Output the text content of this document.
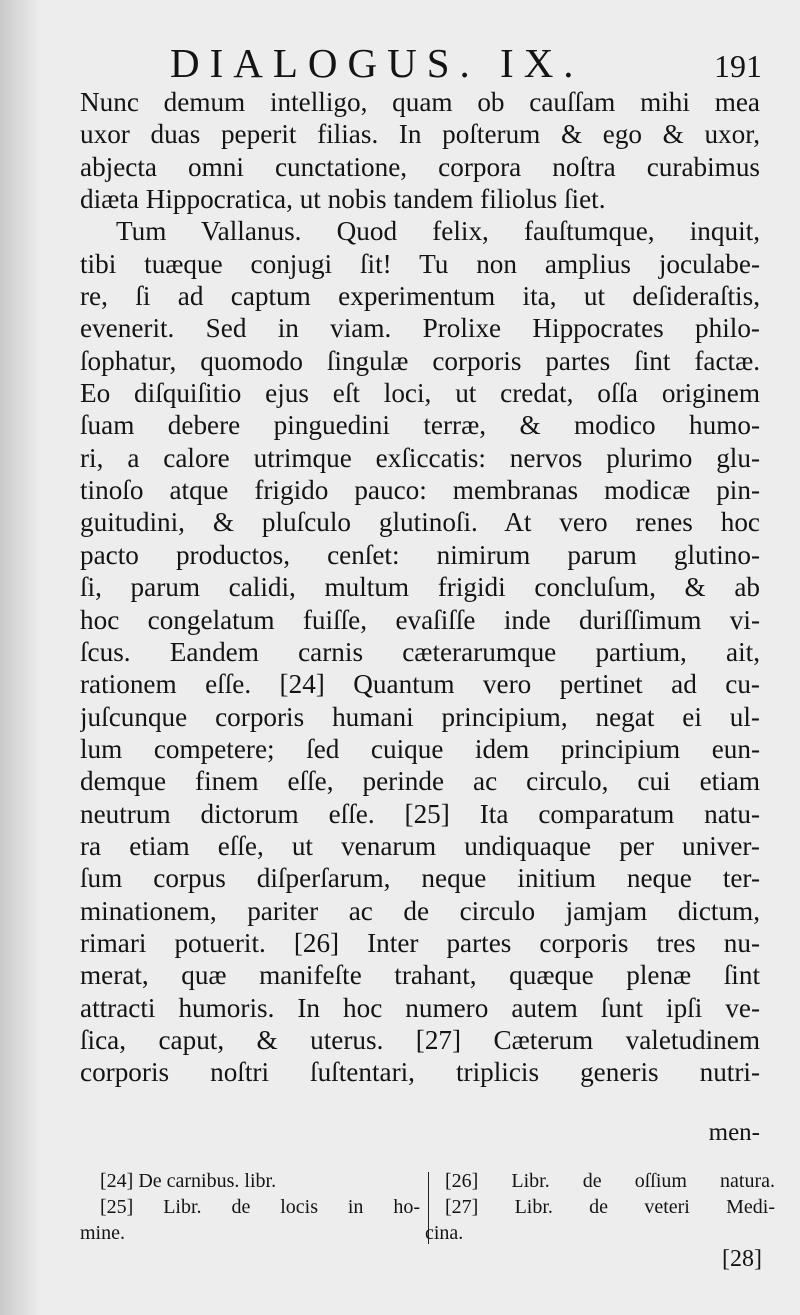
DIALOGUS. IX.	191
Nunc demum intelligo, quam ob cauſſam mihi mea
uxor duas peperit filias. In poſterum & ego & uxor,
abjecta omni cunctatione, corpora noſtra curabimus
diæta Hippocratica, ut nobis tandem filiolus ſiet.
Tum Vallanus. Quod felix, fauſtumque, inquit,
tibi tuæque conjugi ſit! Tu non amplius joculabe-
re, ſi ad captum experimentum ita, ut deſideraſtis,
evenerit. Sed in viam. Prolixe Hippocrates philo-
ſophatur, quomodo ſingulæ corporis partes ſint factæ.
Eo diſquiſitio ejus eſt loci, ut credat, oſſa originem
ſuam debere pinguedini terræ, & modico humo-
ri, a calore utrimque exſiccatis: nervos plurimo glu-
tinoſo atque frigido pauco: membranas modicæ pin-
guitudini, & pluſculo glutinoſi. At vero renes hoc
pacto productos, cenſet: nimirum parum glutino-
ſi, parum calidi, multum frigidi concluſum, & ab
hoc congelatum fuiſſe, evaſiſſe inde duriſſimum vi-
ſcus. Eandem carnis cæterarumque partium, ait,
rationem eſſe. [24] Quantum vero pertinet ad cu-
juſcunque corporis humani principium, negat ei ul-
lum competere; ſed cuique idem principium eun-
demque finem eſſe, perinde ac circulo, cui etiam
neutrum dictorum eſſe. [25] Ita comparatum natu-
ra etiam eſſe, ut venarum undiquaque per univer-
ſum corpus diſperſarum, neque initium neque ter-
minationem, pariter ac de circulo jamjam dictum,
rimari potuerit. [26] Inter partes corporis tres nu-
merat, quæ manifeſte trahant, quæque plenæ ſint
attracti humoris. In hoc numero autem ſunt ipſi ve-
ſica, caput, & uterus. [27] Cæterum valetudinem
corporis noſtri ſuſtentari, triplicis generis nutri-
men-
[24] De carnibus. libr.
[25] Libr. de locis in ho-
mine.
[26] Libr. de oſſium natura.
[27] Libr. de veteri Medi-
cina.
[28]
